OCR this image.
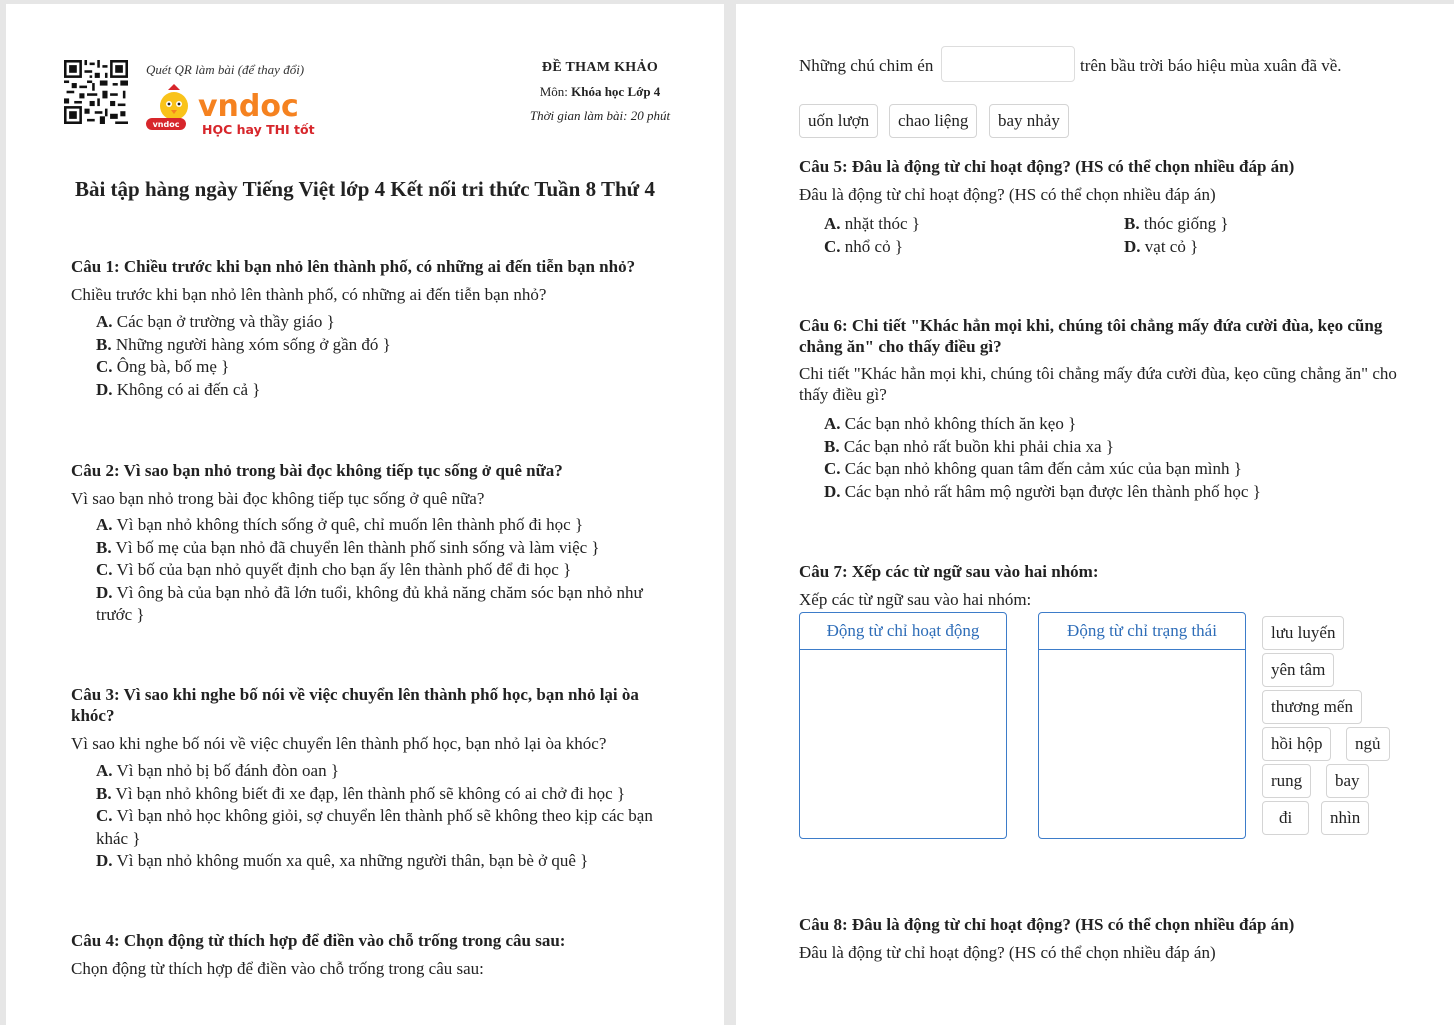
Quét QR làm bài (để thay đổi)
vndoc
vndoc
HỌC hay THI tốt
ĐỀ THAM KHẢO
Môn: Khóa học Lớp 4
Thời gian làm bài: 20 phút
Bài tập hàng ngày Tiếng Việt lớp 4 Kết nối tri thức Tuần 8 Thứ 4
Câu 1: Chiều trước khi bạn nhỏ lên thành phố, có những ai đến tiễn bạn nhỏ?
Chiều trước khi bạn nhỏ lên thành phố, có những ai đến tiễn bạn nhỏ?
A. Các bạn ở trường và thầy giáo }
B. Những người hàng xóm sống ở gần đó }
C. Ông bà, bố mẹ }
D. Không có ai đến cả }
Câu 2: Vì sao bạn nhỏ trong bài đọc không tiếp tục sống ở quê nữa?
Vì sao bạn nhỏ trong bài đọc không tiếp tục sống ở quê nữa?
A. Vì bạn nhỏ không thích sống ở quê, chỉ muốn lên thành phố đi học }
B. Vì bố mẹ của bạn nhỏ đã chuyển lên thành phố sinh sống và làm việc }
C. Vì bố của bạn nhỏ quyết định cho bạn ấy lên thành phố để đi học }
D. Vì ông bà của bạn nhỏ đã lớn tuổi, không đủ khả năng chăm sóc bạn nhỏ như trước }
Câu 3: Vì sao khi nghe bố nói về việc chuyển lên thành phố học, bạn nhỏ lại òa khóc?
Vì sao khi nghe bố nói về việc chuyển lên thành phố học, bạn nhỏ lại òa khóc?
A. Vì bạn nhỏ bị bố đánh đòn oan }
B. Vì bạn nhỏ không biết đi xe đạp, lên thành phố sẽ không có ai chở đi học }
C. Vì bạn nhỏ học không giỏi, sợ chuyển lên thành phố sẽ không theo kịp các bạn khác }
D. Vì bạn nhỏ không muốn xa quê, xa những người thân, bạn bè ở quê }
Câu 4: Chọn động từ thích hợp để điền vào chỗ trống trong câu sau:
Chọn động từ thích hợp để điền vào chỗ trống trong câu sau:
Những chú chim én	trên bầu trời báo hiệu mùa xuân đã về.
uốn lượn	chao liệng	bay nhảy
Câu 5: Đâu là động từ chỉ hoạt động? (HS có thể chọn nhiều đáp án)
Đâu là động từ chỉ hoạt động? (HS có thể chọn nhiều đáp án)
A. nhặt thóc }	B. thóc giống }
C. nhổ cỏ }	D. vạt cỏ }
Câu 6: Chi tiết "Khác hẳn mọi khi, chúng tôi chẳng mấy đứa cười đùa, kẹo cũng chẳng ăn" cho thấy điều gì?
Chi tiết "Khác hẳn mọi khi, chúng tôi chẳng mấy đứa cười đùa, kẹo cũng chẳng ăn" cho thấy điều gì?
A. Các bạn nhỏ không thích ăn kẹo }
B. Các bạn nhỏ rất buồn khi phải chia xa }
C. Các bạn nhỏ không quan tâm đến cảm xúc của bạn mình }
D. Các bạn nhỏ rất hâm mộ người bạn được lên thành phố học }
Câu 7: Xếp các từ ngữ sau vào hai nhóm:
Xếp các từ ngữ sau vào hai nhóm:
Động từ chỉ hoạt động	Động từ chỉ trạng thái	lưu luyến
yên tâm
thương mến
hồi hộp	ngủ
rung	bay
đi	nhìn
Câu 8: Đâu là động từ chỉ hoạt động? (HS có thể chọn nhiều đáp án)
Đâu là động từ chỉ hoạt động? (HS có thể chọn nhiều đáp án)
